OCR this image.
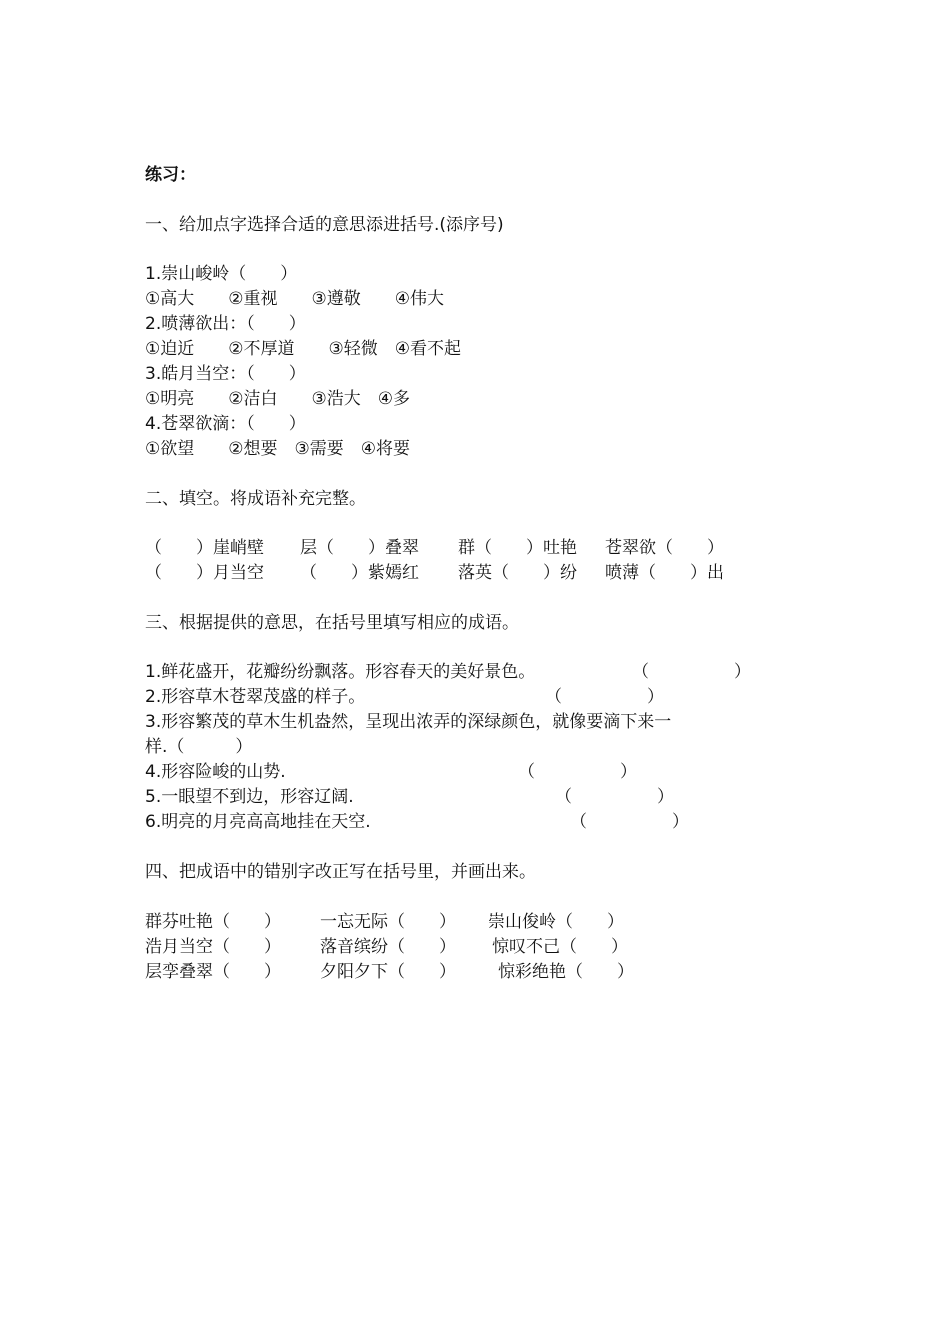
练习：
一、给加点字选择合适的意思添进括号.(添序号)
1.崇山峻岭（　　）
①高大　　②重视　　③遵敬　　④伟大
2.喷薄欲出：（　　）
①迫近　　②不厚道　　③轻微　④看不起
3.皓月当空：（　　）
①明亮　　②洁白　　③浩大　④多
4.苍翠欲滴：（　　）
①欲望　　②想要　③需要　④将要
二、填空。将成语补充完整。
（　　）崖峭壁 层（　　）叠翠 群（　　）吐艳 苍翠欲（　　）
（　　）月当空 （　　）紫嫣红 落英（　　）纷 喷薄（　　）出
三、根据提供的意思，在括号里填写相应的成语。
1.鲜花盛开，花瓣纷纷飘落。形容春天的美好景色。	（　　　　　）
2.形容草木苍翠茂盛的样子。	（　　　　　）
3.形容繁茂的草木生机盎然，呈现出浓弄的深绿颜色，就像要滴下来一
样.（　　　）
4.形容险峻的山势.	（　　　　　）
5.一眼望不到边，形容辽阔.	（　　　　　）
6.明亮的月亮高高地挂在天空.	（　　　　　）
四、把成语中的错别字改正写在括号里，并画出来。
群芬吐艳（　　） 一忘无际（　　） 崇山俊岭（　　）
浩月当空（　　） 落音缤纷（　　） 惊叹不己（　　）
层孪叠翠（　　） 夕阳夕下（　　） 惊彩绝艳（　　）
